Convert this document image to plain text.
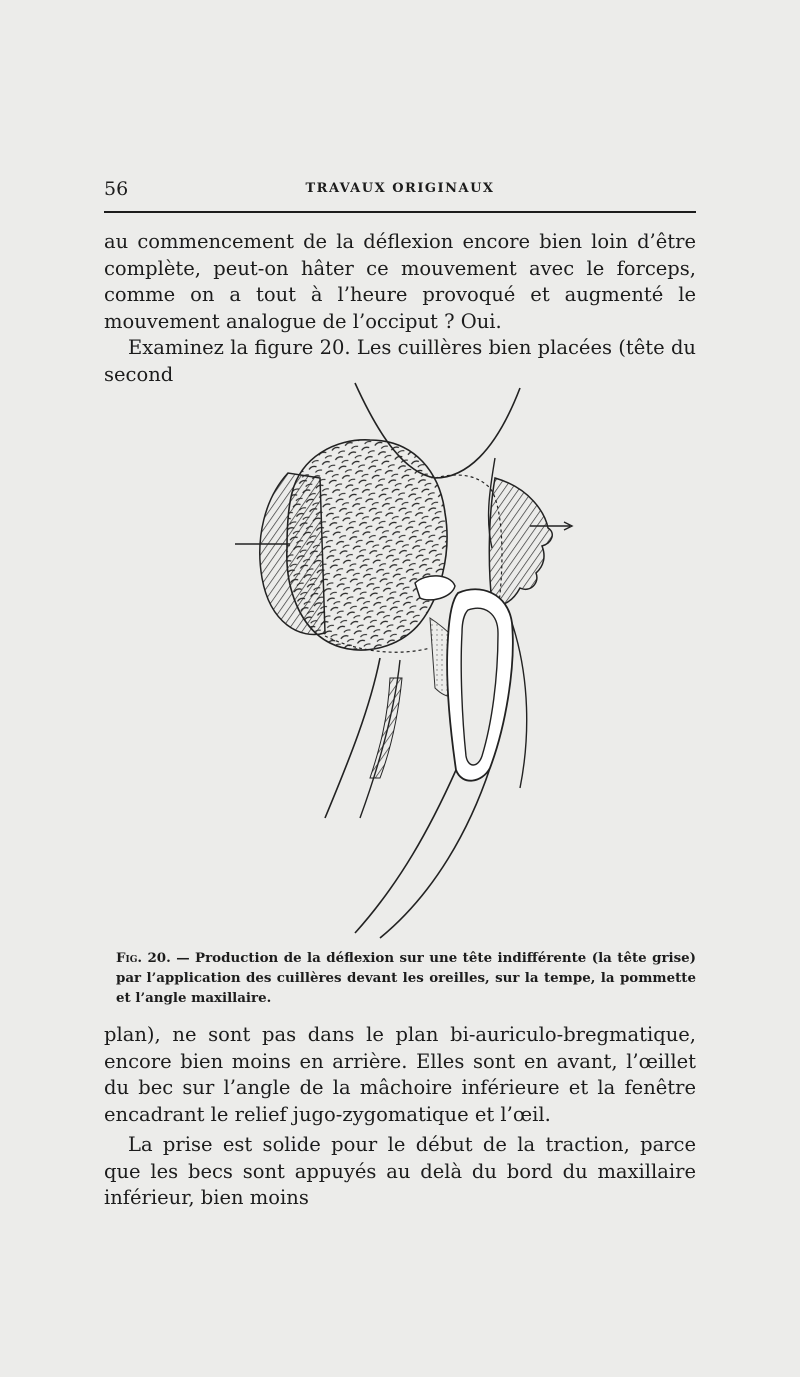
56	TRAVAUX ORIGINAUX

au commencement de la déflexion encore bien loin d’être complète, peut-on hâter ce mouvement avec le forceps, comme on a tout à l’heure provoqué et augmenté le mouvement analogue de l’occiput ? Oui.

Examinez la figure 20. Les cuillères bien placées (tête du second

Fig. 20. — Production de la déflexion sur une tête indifférente (la tête grise) par l’application des cuillères devant les oreilles, sur la tempe, la pommette et l’angle maxillaire.

plan), ne sont pas dans le plan bi-auriculo-bregmatique, encore bien moins en arrière. Elles sont en avant, l’œillet du bec sur l’angle de la mâchoire inférieure et la fenêtre encadrant le relief jugo-zygomatique et l’œil.

La prise est solide pour le début de la traction, parce que les becs sont appuyés au delà du bord du maxillaire inférieur, bien moins
